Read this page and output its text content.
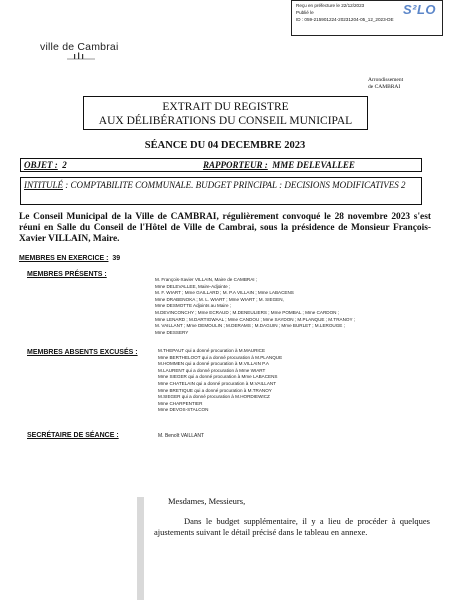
Reçu en préfecture le 22/12/2023
Publié le
ID : 059-215901224-20231204-05_12_2023-DE
S²LO
ville de Cambrai
Arrondissement
de CAMBRAI
EXTRAIT DU REGISTRE
AUX DÉLIBÉRATIONS DU CONSEIL MUNICIPAL
SÉANCE DU 04 DECEMBRE 2023
OBJET : 2	RAPPORTEUR : MME DELEVALLEE
INTITULÉ : COMPTABILITE COMMUNALE. BUDGET PRINCIPAL : DECISIONS MODIFICATIVES 2
Le Conseil Municipal de la Ville de CAMBRAI, régulièrement convoqué le 28 novembre 2023 s'est réuni en Salle du Conseil de l'Hôtel de Ville de Cambrai, sous la présidence de Monsieur François-Xavier VILLAIN, Maire.
MEMBRES EN EXERCICE : 39
MEMBRES PRÉSENTS :
M. François-Xavier VILLAIN, Maire de CAMBRAI ;
Mme DELEVALLEE, Maire-Adjointe ;
M. F. WIART ; Mme GAILLARD ; M. P.A VILLAIN ; Mme LABACENS
Mme DRABENOKA ; M. L. WIART ; Mme WIART ; M. SIEGEN,
Mme DESMOTTE Adjoints au Maire ;
M.DEVINCONCHY ; Mme ECRAUD ; M.DENEULIERS ; Mme POMBAL ; Mme CARDON ;
Mme LENARD ; M.DARTIGWAAL ; Mme CANDOU ; Mme SAYDON ; M.PLANQUE ; M.TRANOY ;
M. VAILLANT ; Mme DEMOULIN ; M.DERAMS ; M.DAGUIN ; Mme BURLET ; M.LEROUGE ;
Mme DESSERY
MEMBRES ABSENTS EXCUSÉS :	M.THEPAUT qui a donné procuration à M.MAURICE
Mme BERTHELOOT qui a donné procuration à M.PLANQUE
M.HOMMEN qui a donné procuration à M.VILLAIN P.A
M.LAURENT qui a donné procuration à Mme WIART
Mme SIEGER qui a donné procuration à Mme LABACENS
Mme CHATELAIN qui a donné procuration à M.VAILLANT
Mme BRETIQUE qui a donné procuration à M.TRANOY
M.SIEGER qui a donné procuration à M.HORDIEWICZ
Mme CHARPENTIER
Mme DEVOS-STALCON
SECRÉTAIRE DE SÉANCE :	M. Benoît VAILLANT
Mesdames, Messieurs,
Dans le budget supplémentaire, il y a lieu de procéder à quelques ajustements suivant le détail précisé dans le tableau en annexe.
